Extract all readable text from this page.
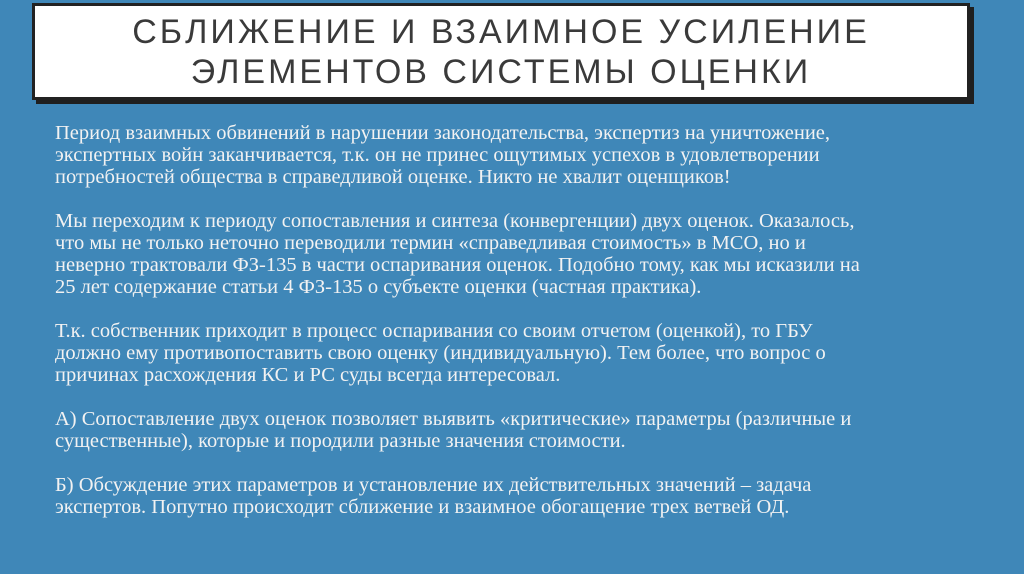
СБЛИЖЕНИЕ И ВЗАИМНОЕ УСИЛЕНИЕ
ЭЛЕМЕНТОВ СИСТЕМЫ ОЦЕНКИ
Период взаимных обвинений в нарушении законодательства, экспертиз на уничтожение,
экспертных войн заканчивается, т.к. он не принес ощутимых успехов в удовлетворении
потребностей общества в справедливой оценке. Никто не хвалит оценщиков!
Мы переходим к периоду сопоставления и синтеза (конвергенции) двух оценок. Оказалось,
что мы не только неточно переводили термин «справедливая стоимость» в МСО, но и
неверно трактовали ФЗ-135 в части оспаривания оценок. Подобно тому, как мы исказили на
25 лет содержание статьи 4 ФЗ-135 о субъекте оценки (частная практика).
Т.к. собственник приходит в процесс оспаривания со своим отчетом (оценкой), то ГБУ
должно ему противопоставить свою оценку (индивидуальную). Тем более, что вопрос о
причинах расхождения КС и РС суды всегда интересовал.
А) Сопоставление двух оценок позволяет выявить «критические» параметры (различные и
существенные), которые и породили разные значения стоимости.
Б) Обсуждение этих параметров и установление их действительных значений – задача
экспертов. Попутно происходит сближение и взаимное обогащение трех ветвей ОД.
